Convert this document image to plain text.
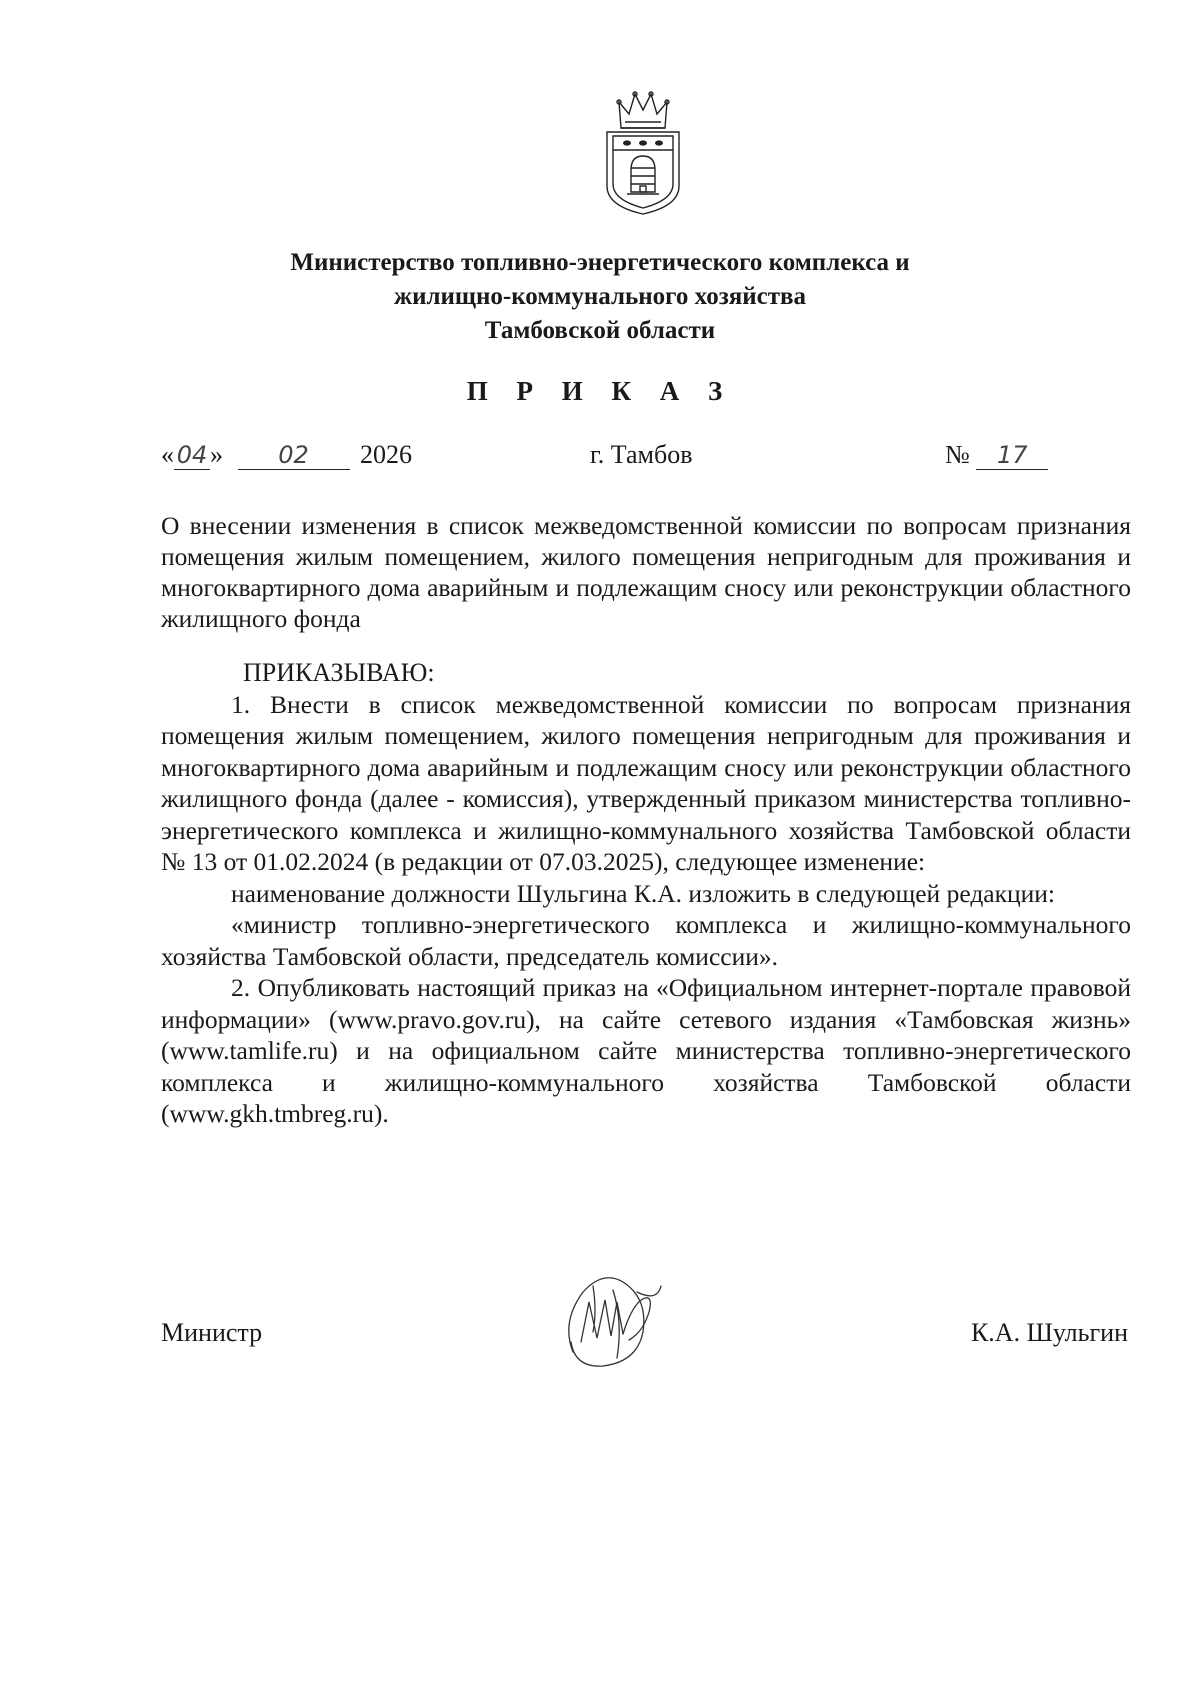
Министерство топливно-энергетического комплекса и
жилищно-коммунального хозяйства
Тамбовской области
П Р И К А З
« 04 » 02 2026	г. Тамбов	№ 17
О внесении изменения в список межведомственной комиссии по вопросам признания помещения жилым помещением, жилого помещения непригодным для проживания и многоквартирного дома аварийным и подлежащим сносу или реконструкции областного жилищного фонда

ПРИКАЗЫВАЮ:

1. Внести в список межведомственной комиссии по вопросам признания помещения жилым помещением, жилого помещения непригодным для проживания и многоквартирного дома аварийным и подлежащим сносу или реконструкции областного жилищного фонда (далее - комиссия), утвержденный приказом министерства топливно-энергетического комплекса и жилищно-коммунального хозяйства Тамбовской области № 13 от 01.02.2024 (в редакции от 07.03.2025), следующее изменение:

наименование должности Шульгина К.А. изложить в следующей редакции:

«министр топливно-энергетического комплекса и жилищно-коммунального хозяйства Тамбовской области, председатель комиссии».

2. Опубликовать настоящий приказ на «Официальном интернет-портале правовой информации» (www.pravo.gov.ru), на сайте сетевого издания «Тамбовская жизнь» (www.tamlife.ru) и на официальном сайте министерства топливно-энергетического комплекса и жилищно-коммунального хозяйства Тамбовской области (www.gkh.tmbreg.ru).

Министр	К.А. Шульгин
